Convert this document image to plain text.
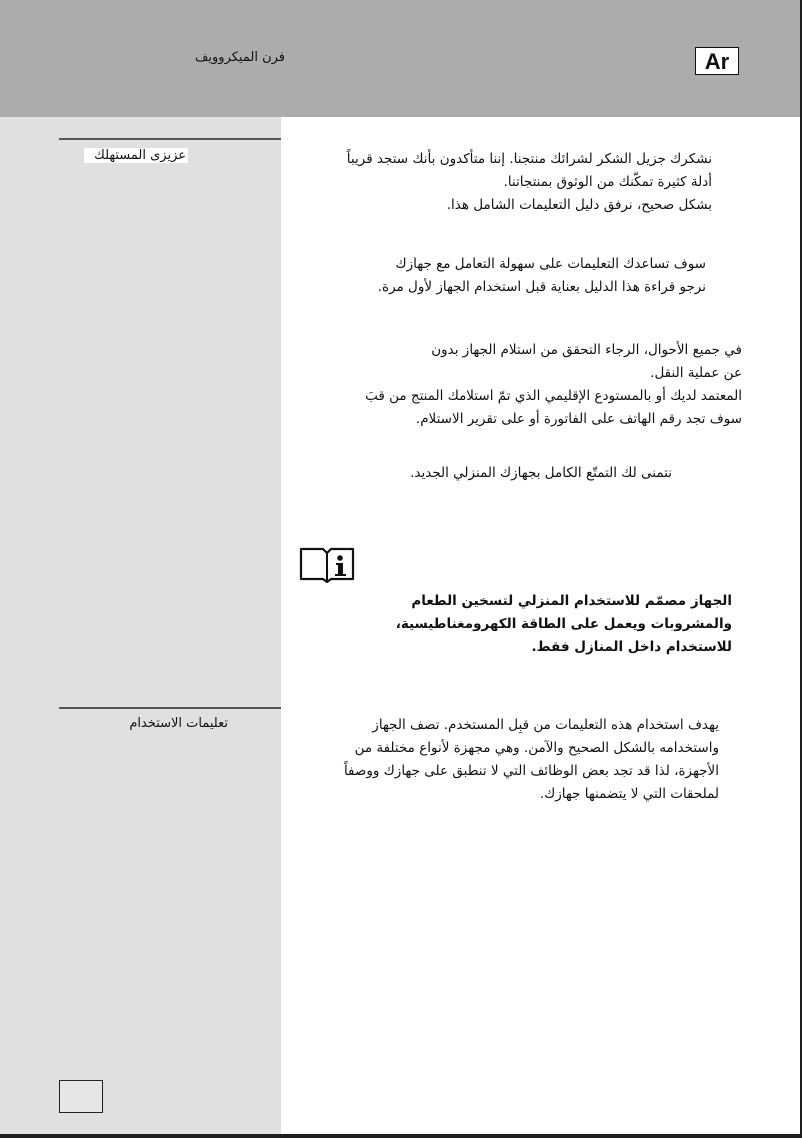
فرن الميكروويف	Ar
عزيزى المستهلك
تعليمات الاستخدام
نشكرك جزيل الشكر لشرائك منتجنا. إننا متأكدون بأنك ستجد قريباً
أدلة كثيرة تمكّنك من الوثوق بمنتجاتنا.
بشكل صحيح، نرفق دليل التعليمات الشامل هذا.
سوف تساعدك التعليمات على سهولة التعامل مع جهازك
نرجو قراءة هذا الدليل بعناية قبل استخدام الجهاز لأول مرة.
في جميع الأحوال، الرجاء التحقق من استلام الجهاز بدون
عن عملية النقل.
المعتمد لديك أو بالمستودع الإقليمي الذي تمّ استلامك المنتج من قبَ
سوف تجد رقم الهاتف على الفاتورة أو على تقرير الاستلام.
نتمنى لك التمتّع الكامل بجهازك المنزلي الجديد.
الجهاز مصمّم للاستخدام المنزلي لتسخين الطعام
والمشروبات ويعمل على الطاقة الكهرومغناطيسية،
للاستخدام داخل المنازل فقط.
يهدف استخدام هذه التعليمات من قبِل المستخدم. تصف الجهاز
واستخدامه بالشكل الصحيح والآمن. وهي مجهزة لأنواع مختلفة من
الأجهزة، لذا قد تجد بعض الوظائف التي لا تنطبق على جهازك ووصفاً
لملحقات التي لا يتضمنها جهازك.
